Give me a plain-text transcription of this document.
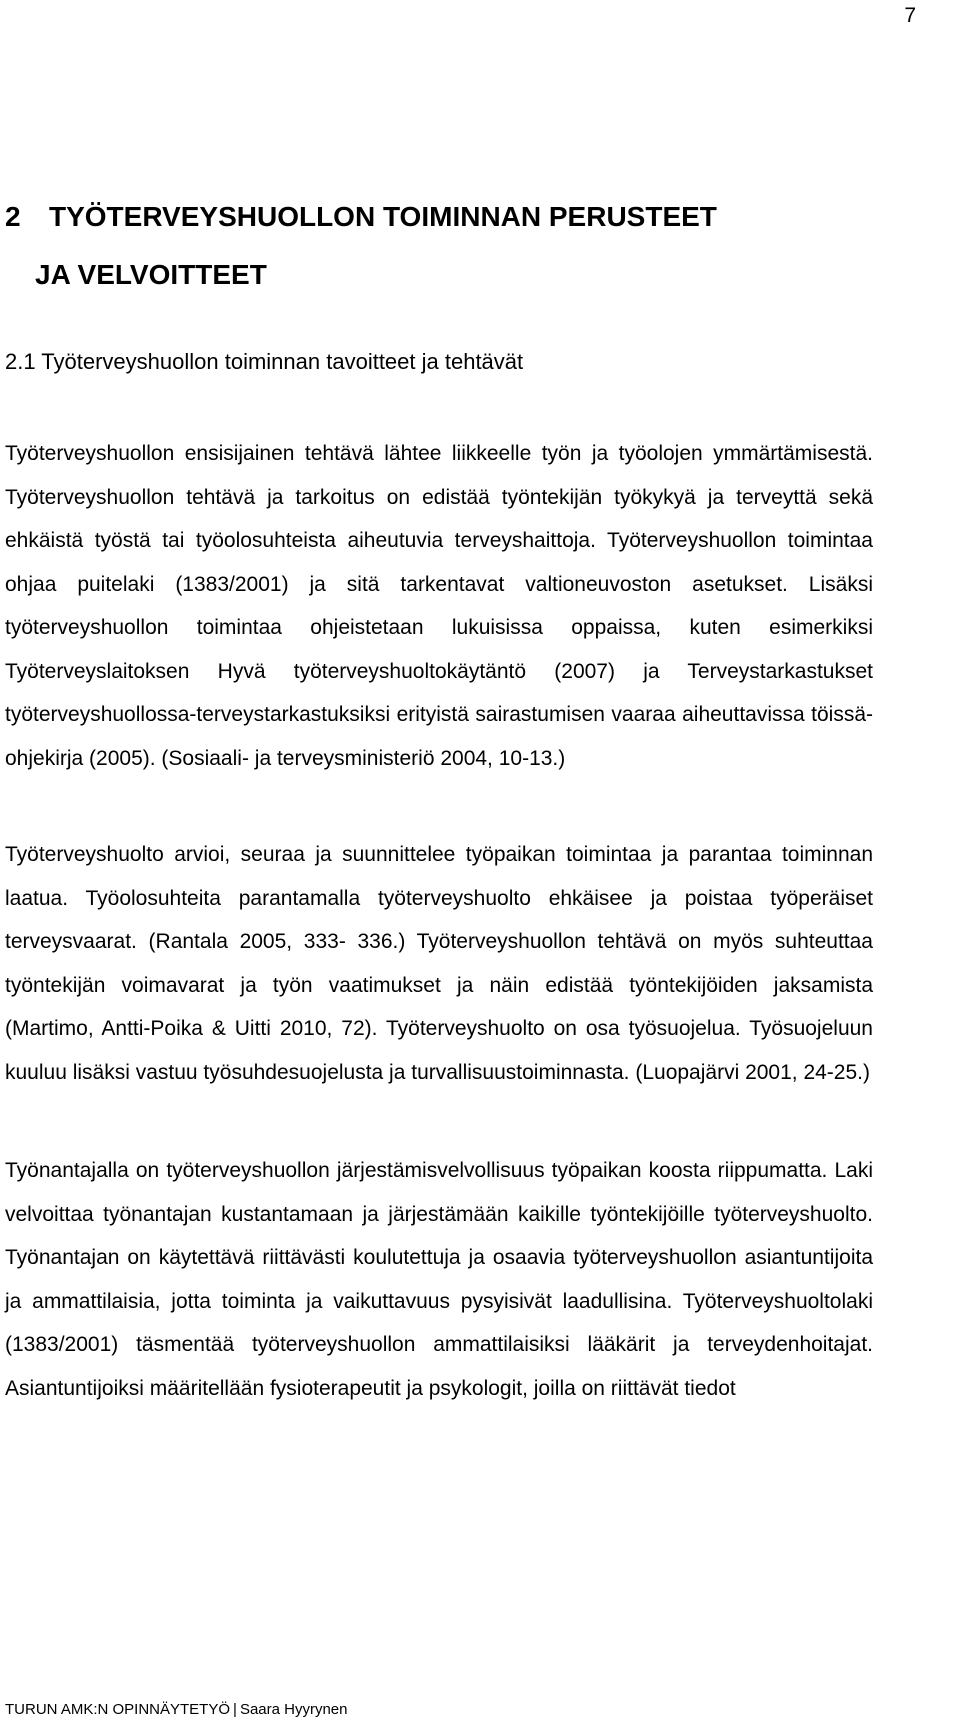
7
2 TYÖTERVEYSHUOLLON TOIMINNAN PERUSTEET
JA VELVOITTEET
2.1 Työterveyshuollon toiminnan tavoitteet ja tehtävät

Työterveyshuollon ensisijainen tehtävä lähtee liikkeelle työn ja työolojen ymmärtämisestä. Työterveyshuollon tehtävä ja tarkoitus on edistää työntekijän työkykyä ja terveyttä sekä ehkäistä työstä tai työolosuhteista aiheutuvia terveyshaittoja. Työterveyshuollon toimintaa ohjaa puitelaki (1383/2001) ja sitä tarkentavat valtioneuvoston asetukset. Lisäksi työterveyshuollon toimintaa ohjeistetaan lukuisissa oppaissa, kuten esimerkiksi Työterveyslaitoksen Hyvä työterveyshuoltokäytäntö (2007) ja Terveystarkastukset työterveyshuollossa-terveystarkastuksiksi erityistä sairastumisen vaaraa aiheuttavissa töissä-ohjekirja (2005). (Sosiaali- ja terveysministeriö 2004, 10-13.)

Työterveyshuolto arvioi, seuraa ja suunnittelee työpaikan toimintaa ja parantaa toiminnan laatua. Työolosuhteita parantamalla työterveyshuolto ehkäisee ja poistaa työperäiset terveysvaarat. (Rantala 2005, 333- 336.) Työterveyshuollon tehtävä on myös suhteuttaa työntekijän voimavarat ja työn vaatimukset ja näin edistää työntekijöiden jaksamista (Martimo, Antti-Poika & Uitti 2010, 72). Työterveyshuolto on osa työsuojelua. Työsuojeluun kuuluu lisäksi vastuu työsuhdesuojelusta ja turvallisuustoiminnasta. (Luopajärvi 2001, 24-25.)

Työnantajalla on työterveyshuollon järjestämisvelvollisuus työpaikan koosta riippumatta. Laki velvoittaa työnantajan kustantamaan ja järjestämään kaikille työntekijöille työterveyshuolto. Työnantajan on käytettävä riittävästi koulutettuja ja osaavia työterveyshuollon asiantuntijoita ja ammattilaisia, jotta toiminta ja vaikuttavuus pysyisivät laadullisina. Työterveyshuoltolaki (1383/2001) täsmentää työterveyshuollon ammattilaisiksi lääkärit ja terveydenhoitajat. Asiantuntijoiksi määritellään fysioterapeutit ja psykologit, joilla on riittävät tiedot

TURUN AMK:N OPINNÄYTETYÖ | Saara Hyyrynen
